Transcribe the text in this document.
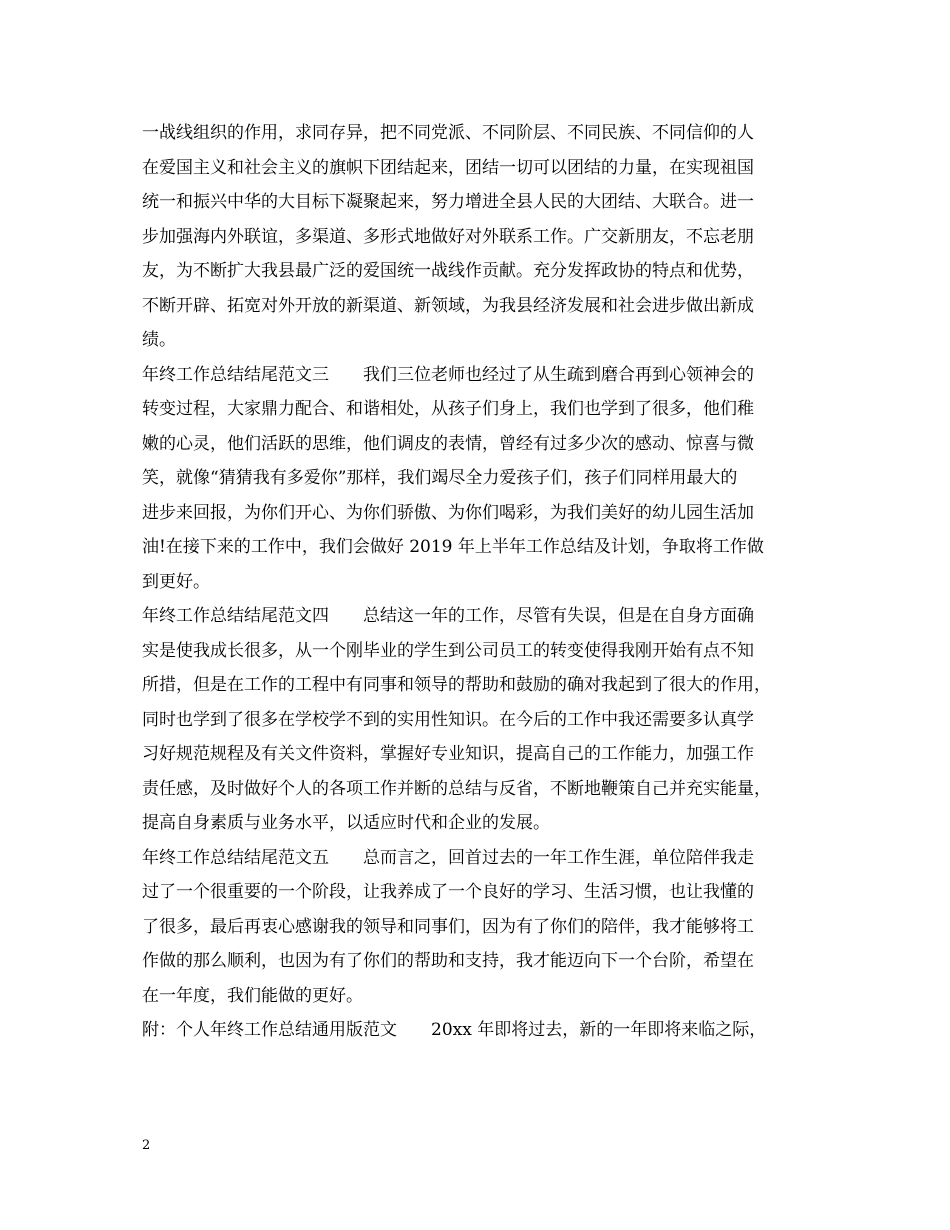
一战线组织的作用，求同存异，把不同党派、不同阶层、不同民族、不同信仰的人
在爱国主义和社会主义的旗帜下团结起来，团结一切可以团结的力量，在实现祖国
统一和振兴中华的大目标下凝聚起来，努力增进全县人民的大团结、大联合。进一
步加强海内外联谊，多渠道、多形式地做好对外联系工作。广交新朋友，不忘老朋
友，为不断扩大我县最广泛的爱国统一战线作贡献。充分发挥政协的特点和优势，
不断开辟、拓宽对外开放的新渠道、新领域，为我县经济发展和社会进步做出新成
绩。
年终工作总结结尾范文三　　我们三位老师也经过了从生疏到磨合再到心领神会的
转变过程，大家鼎力配合、和谐相处，从孩子们身上，我们也学到了很多，他们稚
嫩的心灵，他们活跃的思维，他们调皮的表情，曾经有过多少次的感动、惊喜与微
笑，就像“猜猜我有多爱你”那样，我们竭尽全力爱孩子们，孩子们同样用最大的
进步来回报，为你们开心、为你们骄傲、为你们喝彩，为我们美好的幼儿园生活加
油!在接下来的工作中，我们会做好 2019 年上半年工作总结及计划，争取将工作做
到更好。
年终工作总结结尾范文四　　总结这一年的工作，尽管有失误，但是在自身方面确
实是使我成长很多，从一个刚毕业的学生到公司员工的转变使得我刚开始有点不知
所措，但是在工作的工程中有同事和领导的帮助和鼓励的确对我起到了很大的作用，
同时也学到了很多在学校学不到的实用性知识。在今后的工作中我还需要多认真学
习好规范规程及有关文件资料，掌握好专业知识，提高自己的工作能力，加强工作
责任感，及时做好个人的各项工作并断的总结与反省，不断地鞭策自己并充实能量，
提高自身素质与业务水平，以适应时代和企业的发展。
年终工作总结结尾范文五　　总而言之，回首过去的一年工作生涯，单位陪伴我走
过了一个很重要的一个阶段，让我养成了一个良好的学习、生活习惯，也让我懂的
了很多，最后再衷心感谢我的领导和同事们，因为有了你们的陪伴，我才能够将工
作做的那么顺利，也因为有了你们的帮助和支持，我才能迈向下一个台阶，希望在
在一年度，我们能做的更好。
附：个人年终工作总结通用版范文　　20xx 年即将过去，新的一年即将来临之际，
2
